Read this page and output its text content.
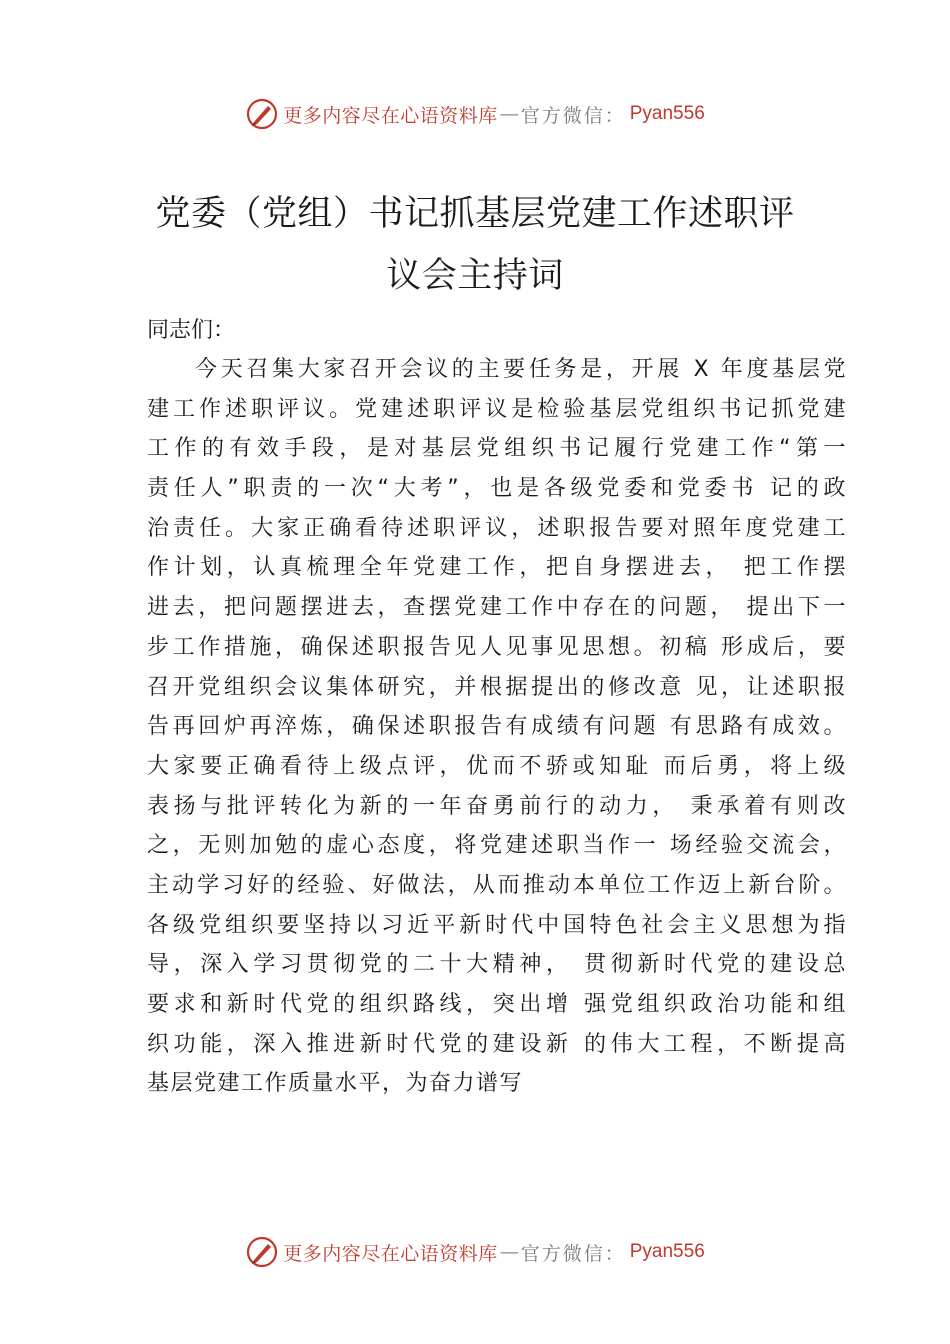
更多内容尽在心语资料库 — 官方微信： Pyan556
党委（党组）书记抓基层党建工作述职评
议会主持词
同志们：
今天召集大家召开会议的主要任务是，开展 X 年度基层党
建工作述职评议。党建述职评议是检验基层党组织书记抓党建
工作的有效手段，是对基层党组织书记履行党建工作“第一
责任人”职责的一次“大考”，也是各级党委和党委书 记的政
治责任。大家正确看待述职评议，述职报告要对照年度党建工
作计划，认真梳理全年党建工作，把自身摆进去， 把工作摆
进去，把问题摆进去，查摆党建工作中存在的问题， 提出下一
步工作措施，确保述职报告见人见事见思想。初稿 形成后，要
召开党组织会议集体研究，并根据提出的修改意 见，让述职报
告再回炉再淬炼，确保述职报告有成绩有问题 有思路有成效。
大家要正确看待上级点评，优而不骄或知耻 而后勇，将上级
表扬与批评转化为新的一年奋勇前行的动力， 秉承着有则改
之，无则加勉的虚心态度，将党建述职当作一 场经验交流会，
主动学习好的经验、好做法，从而推动本单位工作迈上新台阶。
各级党组织要坚持以习近平新时代中国特色社会主义思想为指
导，深入学习贯彻党的二十大精神， 贯彻新时代党的建设总
要求和新时代党的组织路线，突出增 强党组织政治功能和组
织功能，深入推进新时代党的建设新 的伟大工程，不断提高
基层党建工作质量水平，为奋力谱写
更多内容尽在心语资料库 — 官方微信： Pyan556
